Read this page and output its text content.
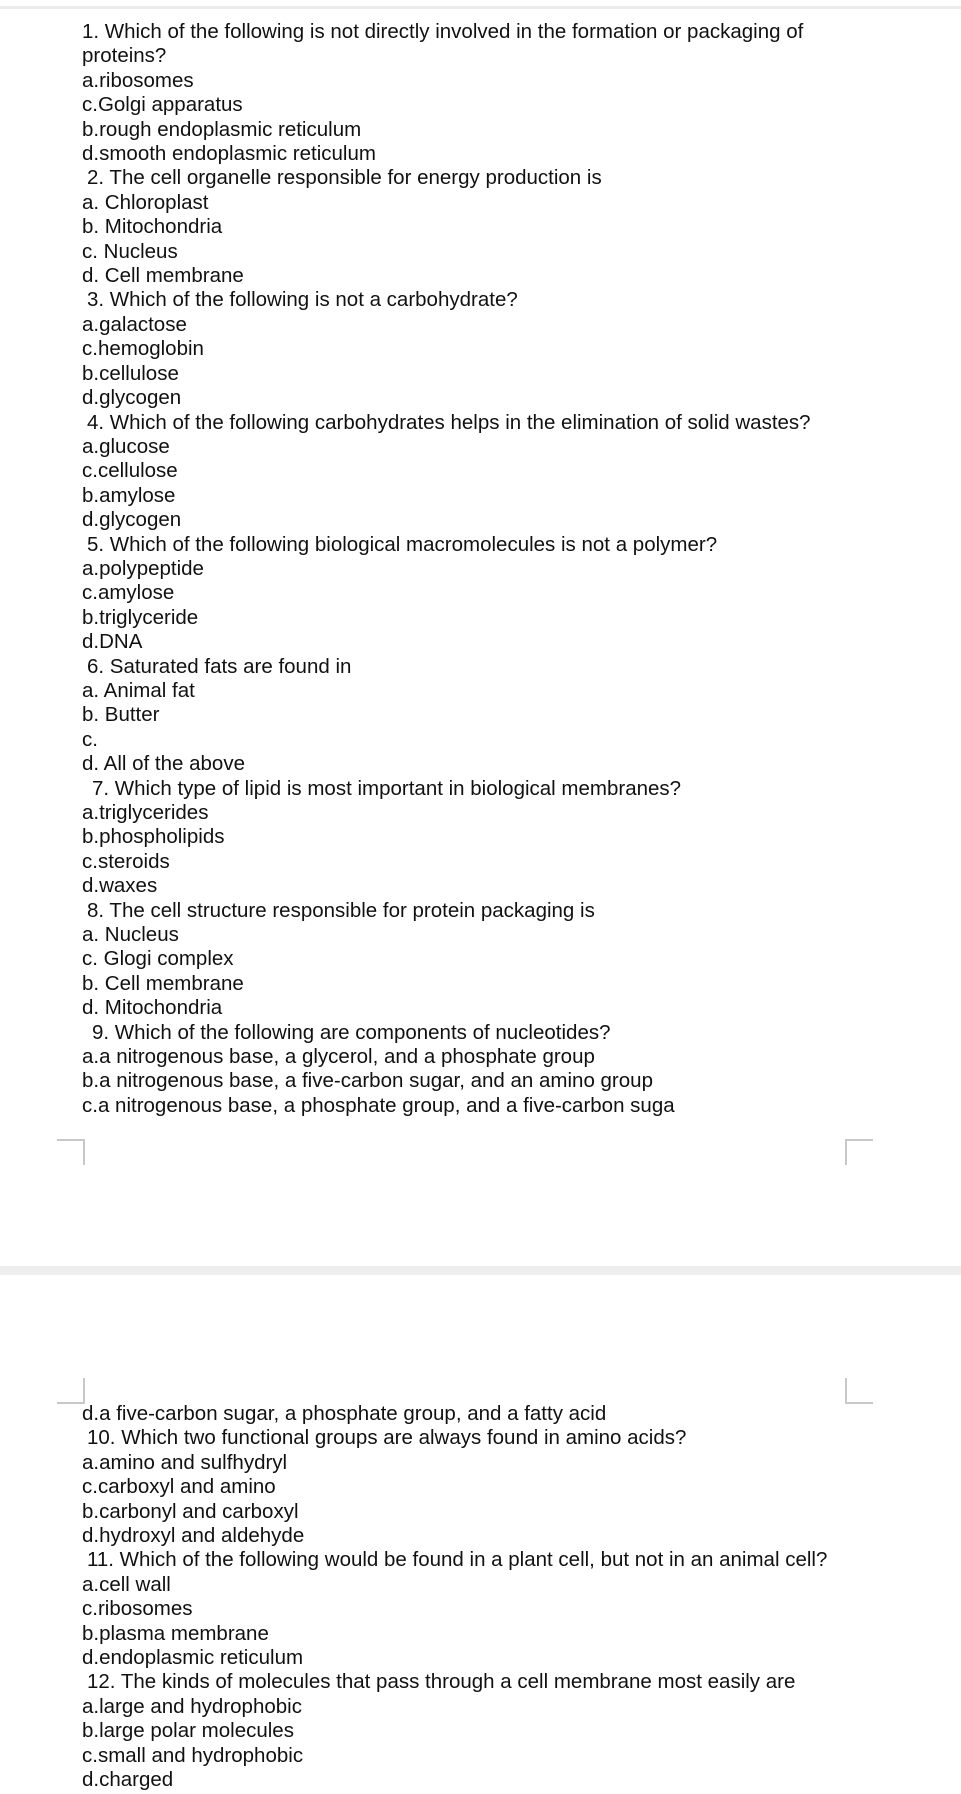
1. Which of the following is not directly involved in the formation or packaging of
proteins?
a.ribosomes
c.Golgi apparatus
b.rough endoplasmic reticulum
d.smooth endoplasmic reticulum
2. The cell organelle responsible for energy production is
a. Chloroplast
b. Mitochondria
c. Nucleus
d. Cell membrane
3. Which of the following is not a carbohydrate?
a.galactose
c.hemoglobin
b.cellulose
d.glycogen
4. Which of the following carbohydrates helps in the elimination of solid wastes?
a.glucose
c.cellulose
b.amylose
d.glycogen
5. Which of the following biological macromolecules is not a polymer?
a.polypeptide
c.amylose
b.triglyceride
d.DNA
6. Saturated fats are found in
a. Animal fat
b. Butter
c.
d. All of the above
7. Which type of lipid is most important in biological membranes?
a.triglycerides
b.phospholipids
c.steroids
d.waxes
8. The cell structure responsible for protein packaging is
a. Nucleus
c. Glogi complex
b. Cell membrane
d. Mitochondria
9. Which of the following are components of nucleotides?
a.a nitrogenous base, a glycerol, and a phosphate group
b.a nitrogenous base, a five-carbon sugar, and an amino group
c.a nitrogenous base, a phosphate group, and a five-carbon suga
d.a five-carbon sugar, a phosphate group, and a fatty acid
10. Which two functional groups are always found in amino acids?
a.amino and sulfhydryl
c.carboxyl and amino
b.carbonyl and carboxyl
d.hydroxyl and aldehyde
11. Which of the following would be found in a plant cell, but not in an animal cell?
a.cell wall
c.ribosomes
b.plasma membrane
d.endoplasmic reticulum
12. The kinds of molecules that pass through a cell membrane most easily are
a.large and hydrophobic
b.large polar molecules
c.small and hydrophobic
d.charged
